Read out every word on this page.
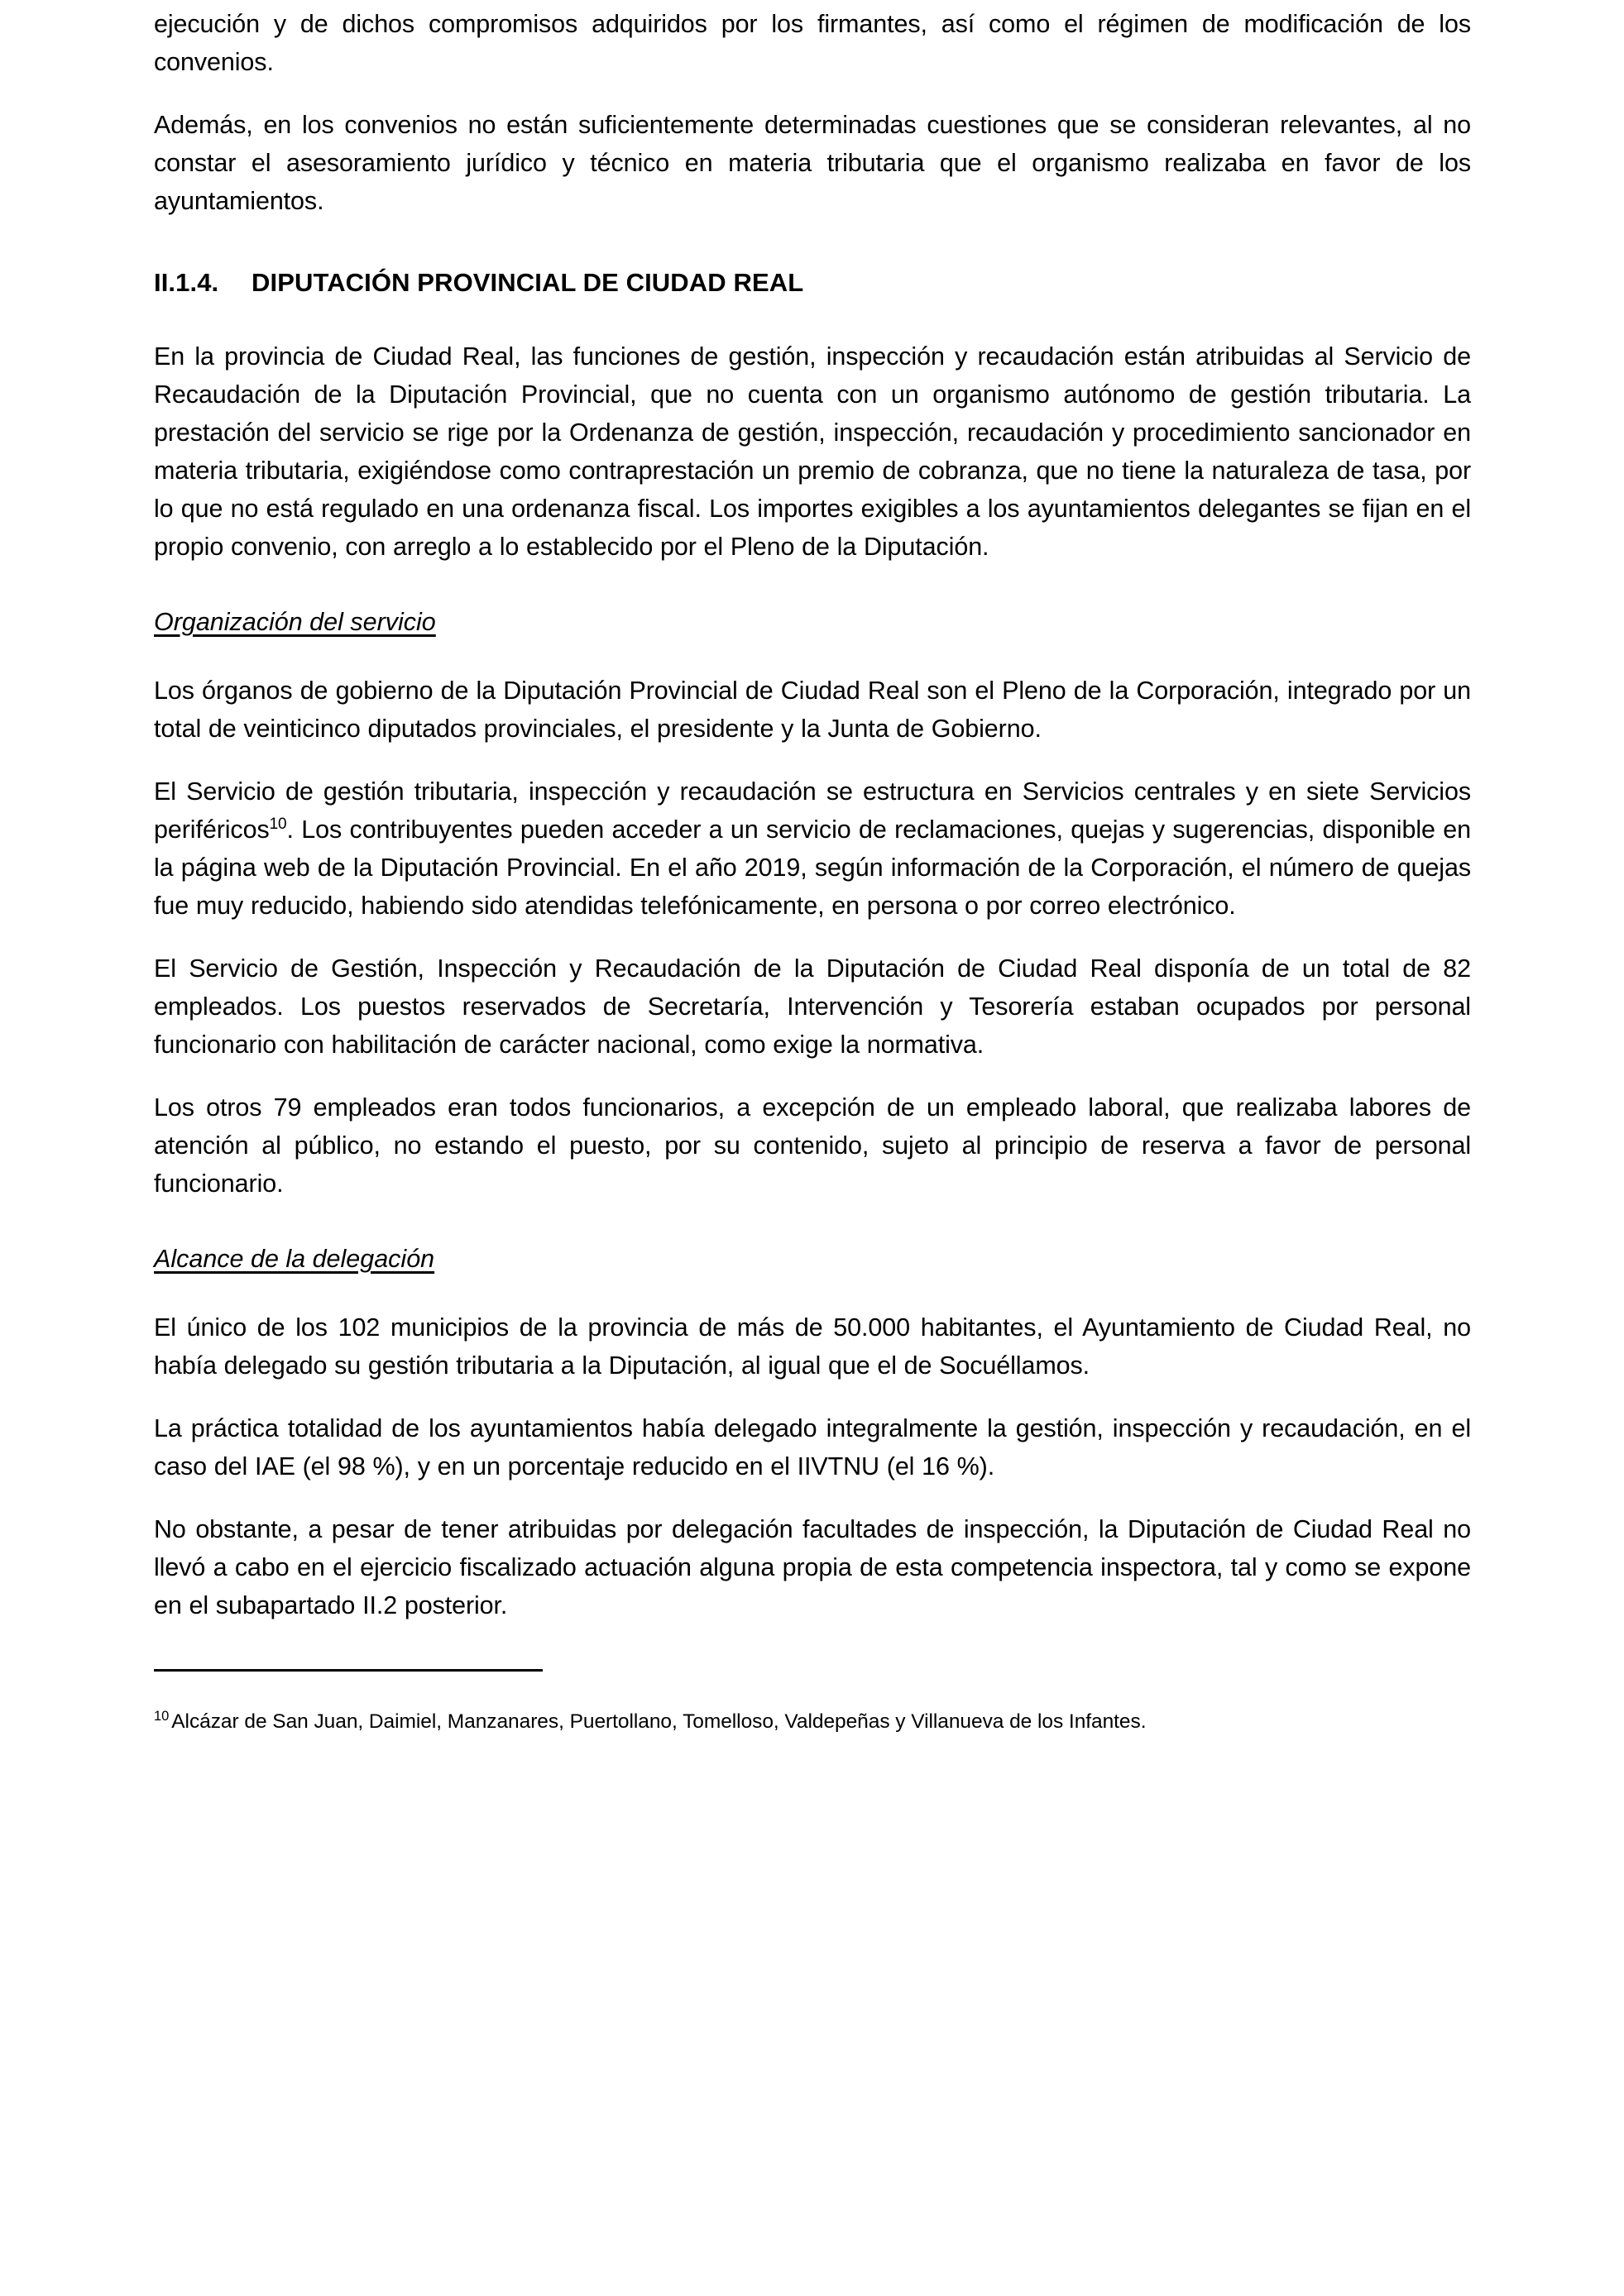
ejecución y de dichos compromisos adquiridos por los firmantes, así como el régimen de modificación de los convenios.

Además, en los convenios no están suficientemente determinadas cuestiones que se consideran relevantes, al no constar el asesoramiento jurídico y técnico en materia tributaria que el organismo realizaba en favor de los ayuntamientos.

II.1.4. DIPUTACIÓN PROVINCIAL DE CIUDAD REAL

En la provincia de Ciudad Real, las funciones de gestión, inspección y recaudación están atribuidas al Servicio de Recaudación de la Diputación Provincial, que no cuenta con un organismo autónomo de gestión tributaria. La prestación del servicio se rige por la Ordenanza de gestión, inspección, recaudación y procedimiento sancionador en materia tributaria, exigiéndose como contraprestación un premio de cobranza, que no tiene la naturaleza de tasa, por lo que no está regulado en una ordenanza fiscal. Los importes exigibles a los ayuntamientos delegantes se fijan en el propio convenio, con arreglo a lo establecido por el Pleno de la Diputación.

Organización del servicio

Los órganos de gobierno de la Diputación Provincial de Ciudad Real son el Pleno de la Corporación, integrado por un total de veinticinco diputados provinciales, el presidente y la Junta de Gobierno.

El Servicio de gestión tributaria, inspección y recaudación se estructura en Servicios centrales y en siete Servicios periféricos$^{10}$. Los contribuyentes pueden acceder a un servicio de reclamaciones, quejas y sugerencias, disponible en la página web de la Diputación Provincial. En el año 2019, según información de la Corporación, el número de quejas fue muy reducido, habiendo sido atendidas telefónicamente, en persona o por correo electrónico.

El Servicio de Gestión, Inspección y Recaudación de la Diputación de Ciudad Real disponía de un total de 82 empleados. Los puestos reservados de Secretaría, Intervención y Tesorería estaban ocupados por personal funcionario con habilitación de carácter nacional, como exige la normativa.

Los otros 79 empleados eran todos funcionarios, a excepción de un empleado laboral, que realizaba labores de atención al público, no estando el puesto, por su contenido, sujeto al principio de reserva a favor de personal funcionario.

Alcance de la delegación

El único de los 102 municipios de la provincia de más de 50.000 habitantes, el Ayuntamiento de Ciudad Real, no había delegado su gestión tributaria a la Diputación, al igual que el de Socuéllamos.

La práctica totalidad de los ayuntamientos había delegado integralmente la gestión, inspección y recaudación, en el caso del IAE (el 98 %), y en un porcentaje reducido en el IIVTNU (el 16 %).

No obstante, a pesar de tener atribuidas por delegación facultades de inspección, la Diputación de Ciudad Real no llevó a cabo en el ejercicio fiscalizado actuación alguna propia de esta competencia inspectora, tal y como se expone en el subapartado II.2 posterior.

$^{10}$ Alcázar de San Juan, Daimiel, Manzanares, Puertollano, Tomelloso, Valdepeñas y Villanueva de los Infantes.
